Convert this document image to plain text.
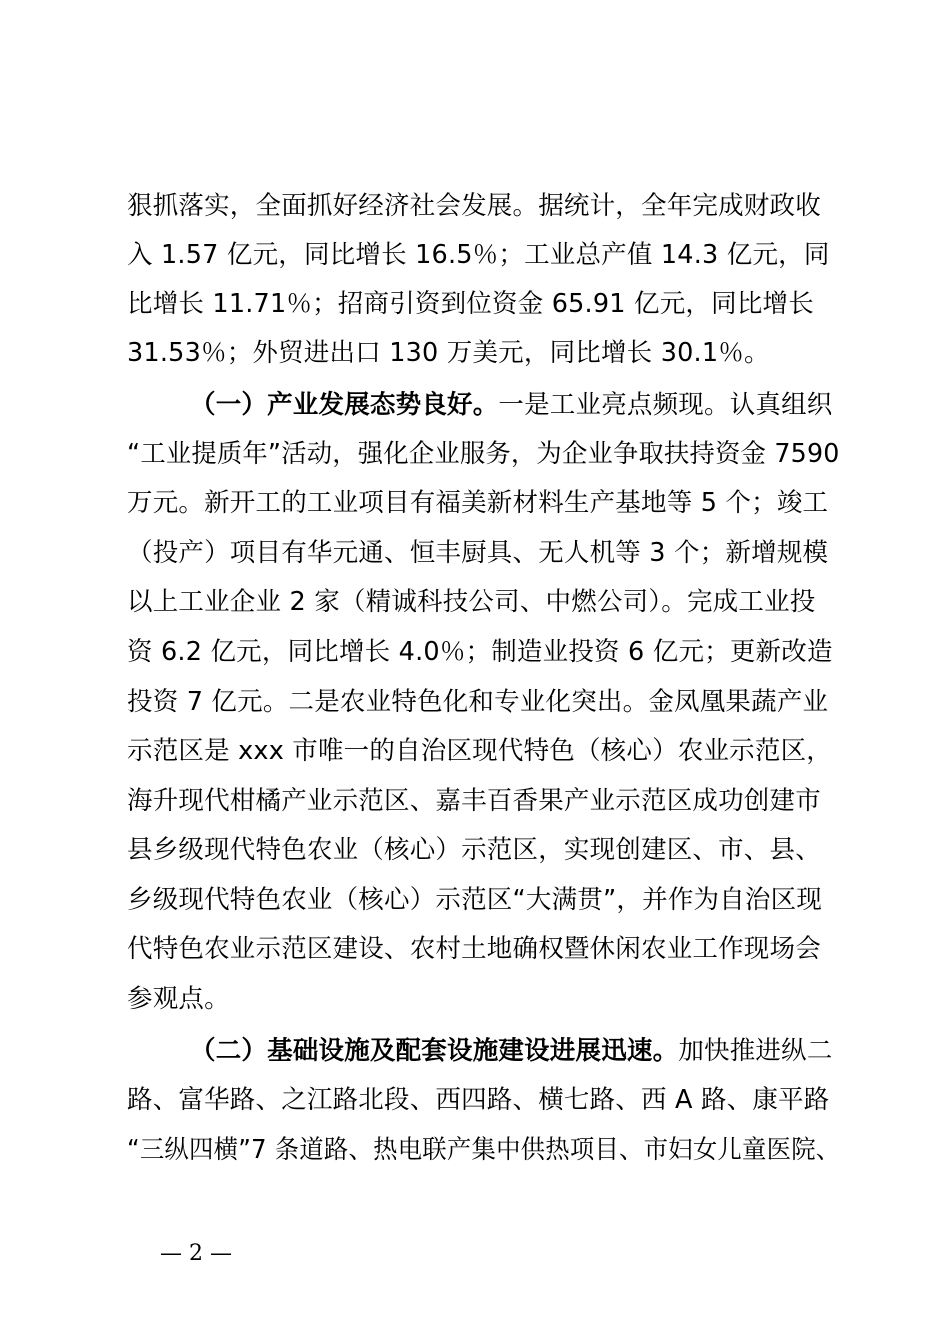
狠抓落实，全面抓好经济社会发展。据统计，全年完成财政收
入 1.57 亿元，同比增长 16.5％；工业总产值 14.3 亿元，同
比增长 11.71％；招商引资到位资金 65.91 亿元，同比增长
31.53％；外贸进出口 130 万美元，同比增长 30.1％。
（一）产业发展态势良好。一是工业亮点频现。认真组织
“工业提质年”活动，强化企业服务，为企业争取扶持资金 7590
万元。新开工的工业项目有福美新材料生产基地等 5 个；竣工
（投产）项目有华元通、恒丰厨具、无人机等 3 个；新增规模
以上工业企业 2 家（精诚科技公司、中燃公司）。完成工业投
资 6.2 亿元，同比增长 4.0％；制造业投资 6 亿元；更新改造
投资 7 亿元。二是农业特色化和专业化突出。金凤凰果蔬产业
示范区是 xxx 市唯一的自治区现代特色（核心）农业示范区，
海升现代柑橘产业示范区、嘉丰百香果产业示范区成功创建市
县乡级现代特色农业（核心）示范区，实现创建区、市、县、
乡级现代特色农业（核心）示范区“大满贯”，并作为自治区现
代特色农业示范区建设、农村土地确权暨休闲农业工作现场会
参观点。
（二）基础设施及配套设施建设进展迅速。加快推进纵二
路、富华路、之江路北段、西四路、横七路、西 A 路、康平路
“三纵四横”7 条道路、热电联产集中供热项目、市妇女儿童医院、
— 2 —
